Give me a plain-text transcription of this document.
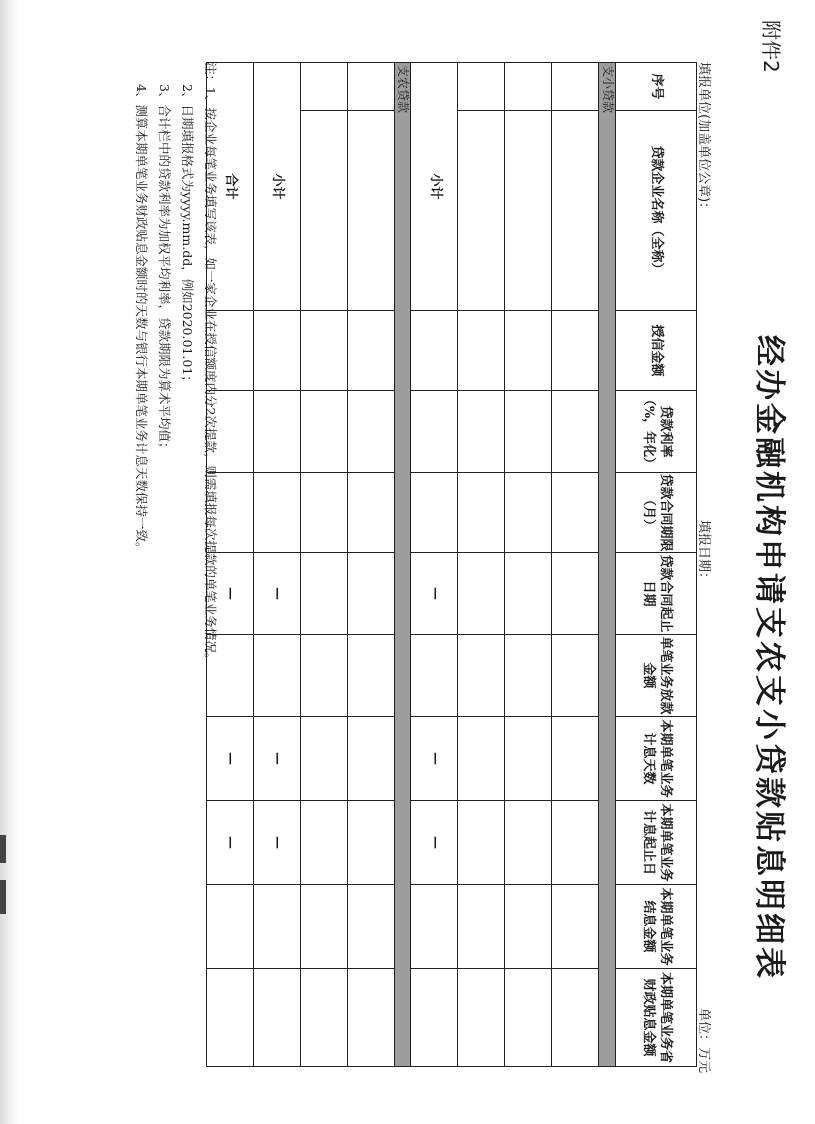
附件2
经办金融机构申请支农支小贷款贴息明细表
填报单位(加盖单位公章)：
填报日期：
单位：万元
序号	贷款企业名称（全称）	授信金额	贷款利率（%，年化）	贷款合同期限（月）	贷款合同起止日期	单笔业务放款金额	本期单笔业务计息天数	本期单笔业务计息起止日	本期单笔业务结息金额	本期单笔业务省财政贴息金额
支小贷款										

小计					—		—	—		
支农贷款										

小计					—		—	—		
合计					—		—	—		
注：1、按企业每笔业务填写该表，如一家企业在授信额度内分2次提款，则需填报每次提款的单笔业务情况。
2、日期填报格式为yyyy.mm.dd，例如2020.01.01；
3、合计栏中的贷款利率为加权平均利率，贷款期限为算术平均值；
4、测算本期单笔业务财政贴息金额时的天数与银行本期单笔业务计息天数保持一致。
